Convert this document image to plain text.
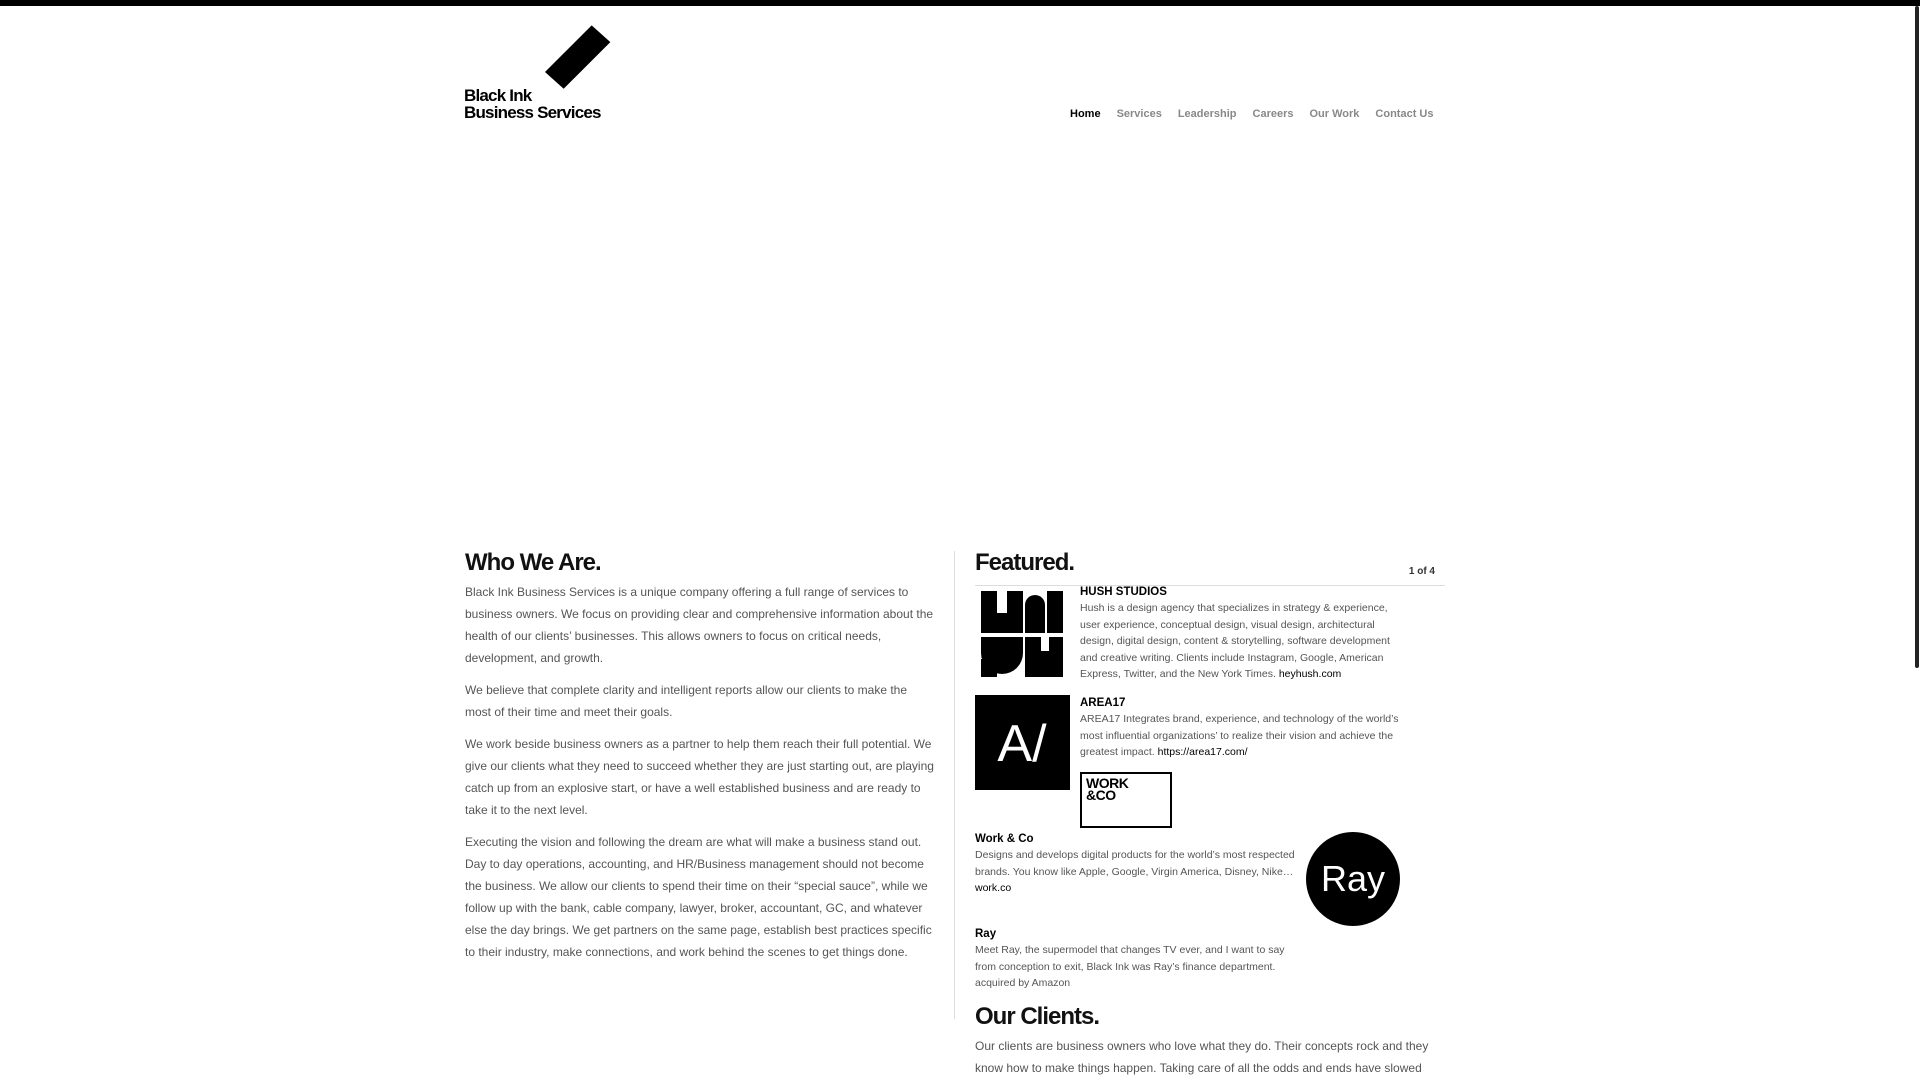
Black Ink
Business Services	Home Services Leadership Careers Our Work Contact Us
Who We Are.

Black Ink Business Services is a unique company offering a full range of services to business owners. We focus on providing clear and comprehensive information about the health of our clients’ businesses. This allows owners to focus on critical needs, development, and growth.

We believe that complete clarity and intelligent reports allow our clients to make the most of their time and meet their goals.

We work beside business owners as a partner to help them reach their full potential. We give our clients what they need to succeed whether they are just starting out, are playing catch up from an explosive start, or have a well established business and are ready to take it to the next level.

Executing the vision and following the dream are what will make a business stand out. Day to day operations, accounting, and HR/Business management should not become the business. We allow our clients to spend their time on their “special sauce”, while we follow up with the bank, cable company, lawyer, broker, accountant, GC, and whatever else the day brings. We get partners on the same page, establish best practices specific to their industry, make connections, and work behind the scenes to get things done.

Featured.	1 of 4
HUSH STUDIOS
Hush is a design agency that specializes in strategy & experience, user experience, conceptual design, visual design, architectural design, digital design, content & storytelling, software development and creative writing. Clients include Instagram, Google, American Express, Twitter, and the New York Times. heyhush.com
A/
AREA17
AREA17 Integrates brand, experience, and technology of the world’s most influential organizations’ to realize their vision and achieve the greatest impact. https://area17.com/
WORK
&CO
Work & Co
Designs and develops digital products for the world’s most respected brands. You know like Apple, Google, Virgin America, Disney, Nike… work.co	Ray
Ray
Meet Ray, the supermodel that changes TV ever, and I want to say from conception to exit, Black Ink was Ray’s finance department. acquired by Amazon
Our Clients.

Our clients are business owners who love what they do. Their concepts rock and they know how to make things happen. Taking care of all the odds and ends have slowed
